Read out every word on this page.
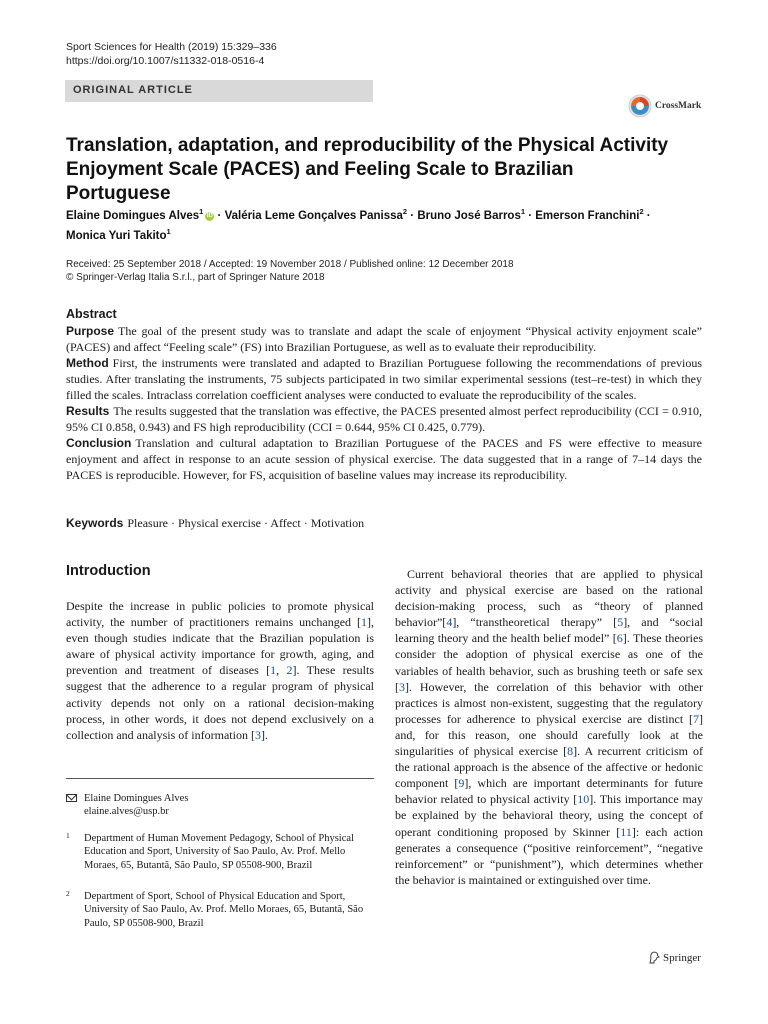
Sport Sciences for Health (2019) 15:329–336
https://doi.org/10.1007/s11332-018-0516-4
ORIGINAL ARTICLE
CrossMark
Translation, adaptation, and reproducibility of the Physical Activity Enjoyment Scale (PACES) and Feeling Scale to Brazilian Portuguese
Elaine Domingues Alves$^1$ iD · Valéria Leme Gonçalves Panissa$^2$ · Bruno José Barros$^1$ · Emerson Franchini$^2$ ·
Monica Yuri Takito$^1$
Received: 25 September 2018 / Accepted: 19 November 2018 / Published online: 12 December 2018
© Springer-Verlag Italia S.r.l., part of Springer Nature 2018
Abstract

Purpose The goal of the present study was to translate and adapt the scale of enjoyment “Physical activity enjoyment scale” (PACES) and affect “Feeling scale” (FS) into Brazilian Portuguese, as well as to evaluate their reproducibility.

Method First, the instruments were translated and adapted to Brazilian Portuguese following the recommendations of previous studies. After translating the instruments, 75 subjects participated in two similar experimental sessions (test–re-test) in which they filled the scales. Intraclass correlation coefficient analyses were conducted to evaluate the reproducibility of the scales.

Results The results suggested that the translation was effective, the PACES presented almost perfect reproducibility (CCI = 0.910, 95% CI 0.858, 0.943) and FS high reproducibility (CCI = 0.644, 95% CI 0.425, 0.779).

Conclusion Translation and cultural adaptation to Brazilian Portuguese of the PACES and FS were effective to measure enjoyment and affect in response to an acute session of physical exercise. The data suggested that in a range of 7–14 days the PACES is reproducible. However, for FS, acquisition of baseline values may increase its reproducibility.

Keywords Pleasure · Physical exercise · Affect · Motivation
Introduction

Despite the increase in public policies to promote physical activity, the number of practitioners remains unchanged [1], even though studies indicate that the Brazilian population is aware of physical activity importance for growth, aging, and prevention and treatment of diseases [1, 2]. These results suggest that the adherence to a regular program of physical activity depends not only on a rational decision-making process, in other words, it does not depend exclusively on a collection and analysis of information [3].

Current behavioral theories that are applied to physical activity and physical exercise are based on the rational decision-making process, such as “theory of planned behavior”[4], “transtheoretical therapy” [5], and “social learning theory and the health belief model” [6]. These theories consider the adoption of physical exercise as one of the variables of health behavior, such as brushing teeth or safe sex [3]. However, the correlation of this behavior with other practices is almost non-existent, suggesting that the regulatory processes for adherence to physical exercise are distinct [7] and, for this reason, one should carefully look at the singularities of physical exercise [8]. A recurrent criticism of the rational approach is the absence of the affective or hedonic component [9], which are important determinants for future behavior related to physical activity [10]. This importance may be explained by the behavioral theory, using the concept of operant conditioning proposed by Skinner [11]: each action generates a consequence (“positive reinforcement”, “negative reinforcement” or “punishment”), which determines whether the behavior is maintained or extinguished over time.

Elaine Domingues Alves
elaine.alves@usp.br
1 Department of Human Movement Pedagogy, School of Physical Education and Sport, University of Sao Paulo, Av. Prof. Mello Moraes, 65, Butantã, São Paulo, SP 05508-900, Brazil
2 Department of Sport, School of Physical Education and Sport, University of Sao Paulo, Av. Prof. Mello Moraes, 65, Butantã, São Paulo, SP 05508-900, Brazil
Springer
